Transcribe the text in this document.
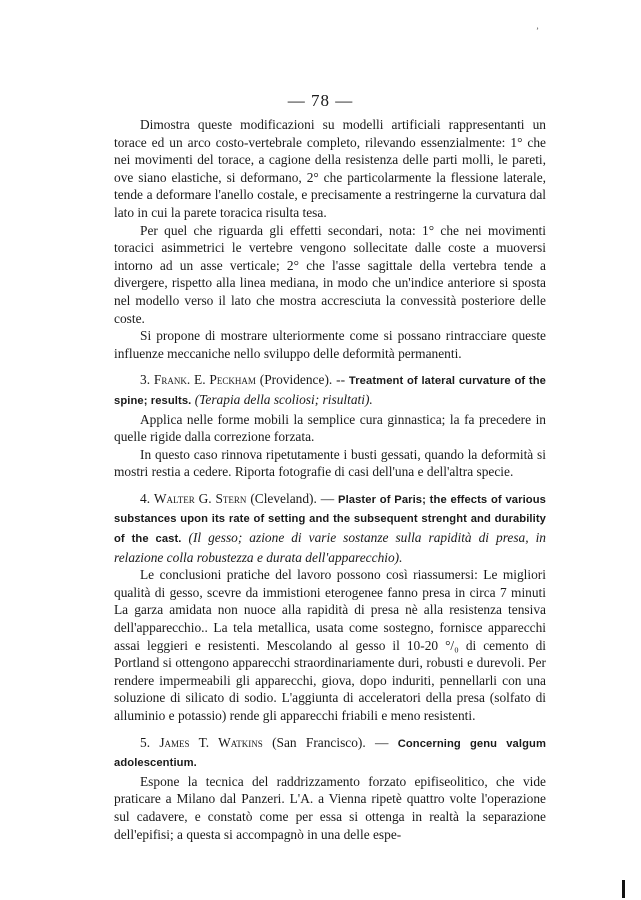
ʼ
— 78 —

Dimostra queste modificazioni su modelli artificiali rappresentanti un torace ed un arco costo-vertebrale completo, rilevando essenzialmente: 1° che nei movimenti del torace, a cagione della resistenza delle parti molli, le pareti, ove siano elastiche, si deformano, 2° che particolarmente la flessione laterale, tende a deformare l'anello costale, e precisamente a restringerne la curvatura dal lato in cui la parete toracica risulta tesa.

Per quel che riguarda gli effetti secondari, nota: 1° che nei movimenti toracici asimmetrici le vertebre vengono sollecitate dalle coste a muoversi intorno ad un asse verticale; 2° che l'asse sagittale della vertebra tende a divergere, rispetto alla linea mediana, in modo che un'indice anteriore si sposta nel modello verso il lato che mostra accresciuta la convessità posteriore delle coste.

Si propone di mostrare ulteriormente come si possano rintracciare queste influenze meccaniche nello sviluppo delle deformità permanenti.

3. Frank. E. Peckham (Providence). -- Treatment of lateral curvature of the spine; results. (Terapia della scoliosi; risultati).

Applica nelle forme mobili la semplice cura ginnastica; la fa precedere in quelle rigide dalla correzione forzata.

In questo caso rinnova ripetutamente i busti gessati, quando la deformità si mostri restia a cedere. Riporta fotografie di casi dell'una e dell'altra specie.

4. Walter G. Stern (Cleveland). — Plaster of Paris; the effects of various substances upon its rate of setting and the subsequent strenght and durability of the cast. (Il gesso; azione di varie sostanze sulla rapidità di presa, in relazione colla robustezza e durata dell'apparecchio).

Le conclusioni pratiche del lavoro possono così riassumersi: Le migliori qualità di gesso, scevre da immistioni eterogenee fanno presa in circa 7 minuti La garza amidata non nuoce alla rapidità di presa nè alla resistenza tensiva dell'apparecchio.. La tela metallica, usata come sostegno, fornisce apparecchi assai leggieri e resistenti. Mescolando al gesso il 10-20 °/₀ di cemento di Portland si ottengono apparecchi straordinariamente duri, robusti e durevoli. Per rendere impermeabili gli apparecchi, giova, dopo induriti, pennellarli con una soluzione di silicato di sodio. L'aggiunta di acceleratori della presa (solfato di alluminio e potassio) rende gli apparecchi friabili e meno resistenti.

5. James T. Watkins (San Francisco). — Concerning genu valgum adolescentium.

Espone la tecnica del raddrizzamento forzato epifiseolitico, che vide praticare a Milano dal Panzeri. L'A. a Vienna ripetè quattro volte l'operazione sul cadavere, e constatò come per essa si ottenga in realtà la separazione dell'epifisi; a questa si accompagnò in una delle espe-
